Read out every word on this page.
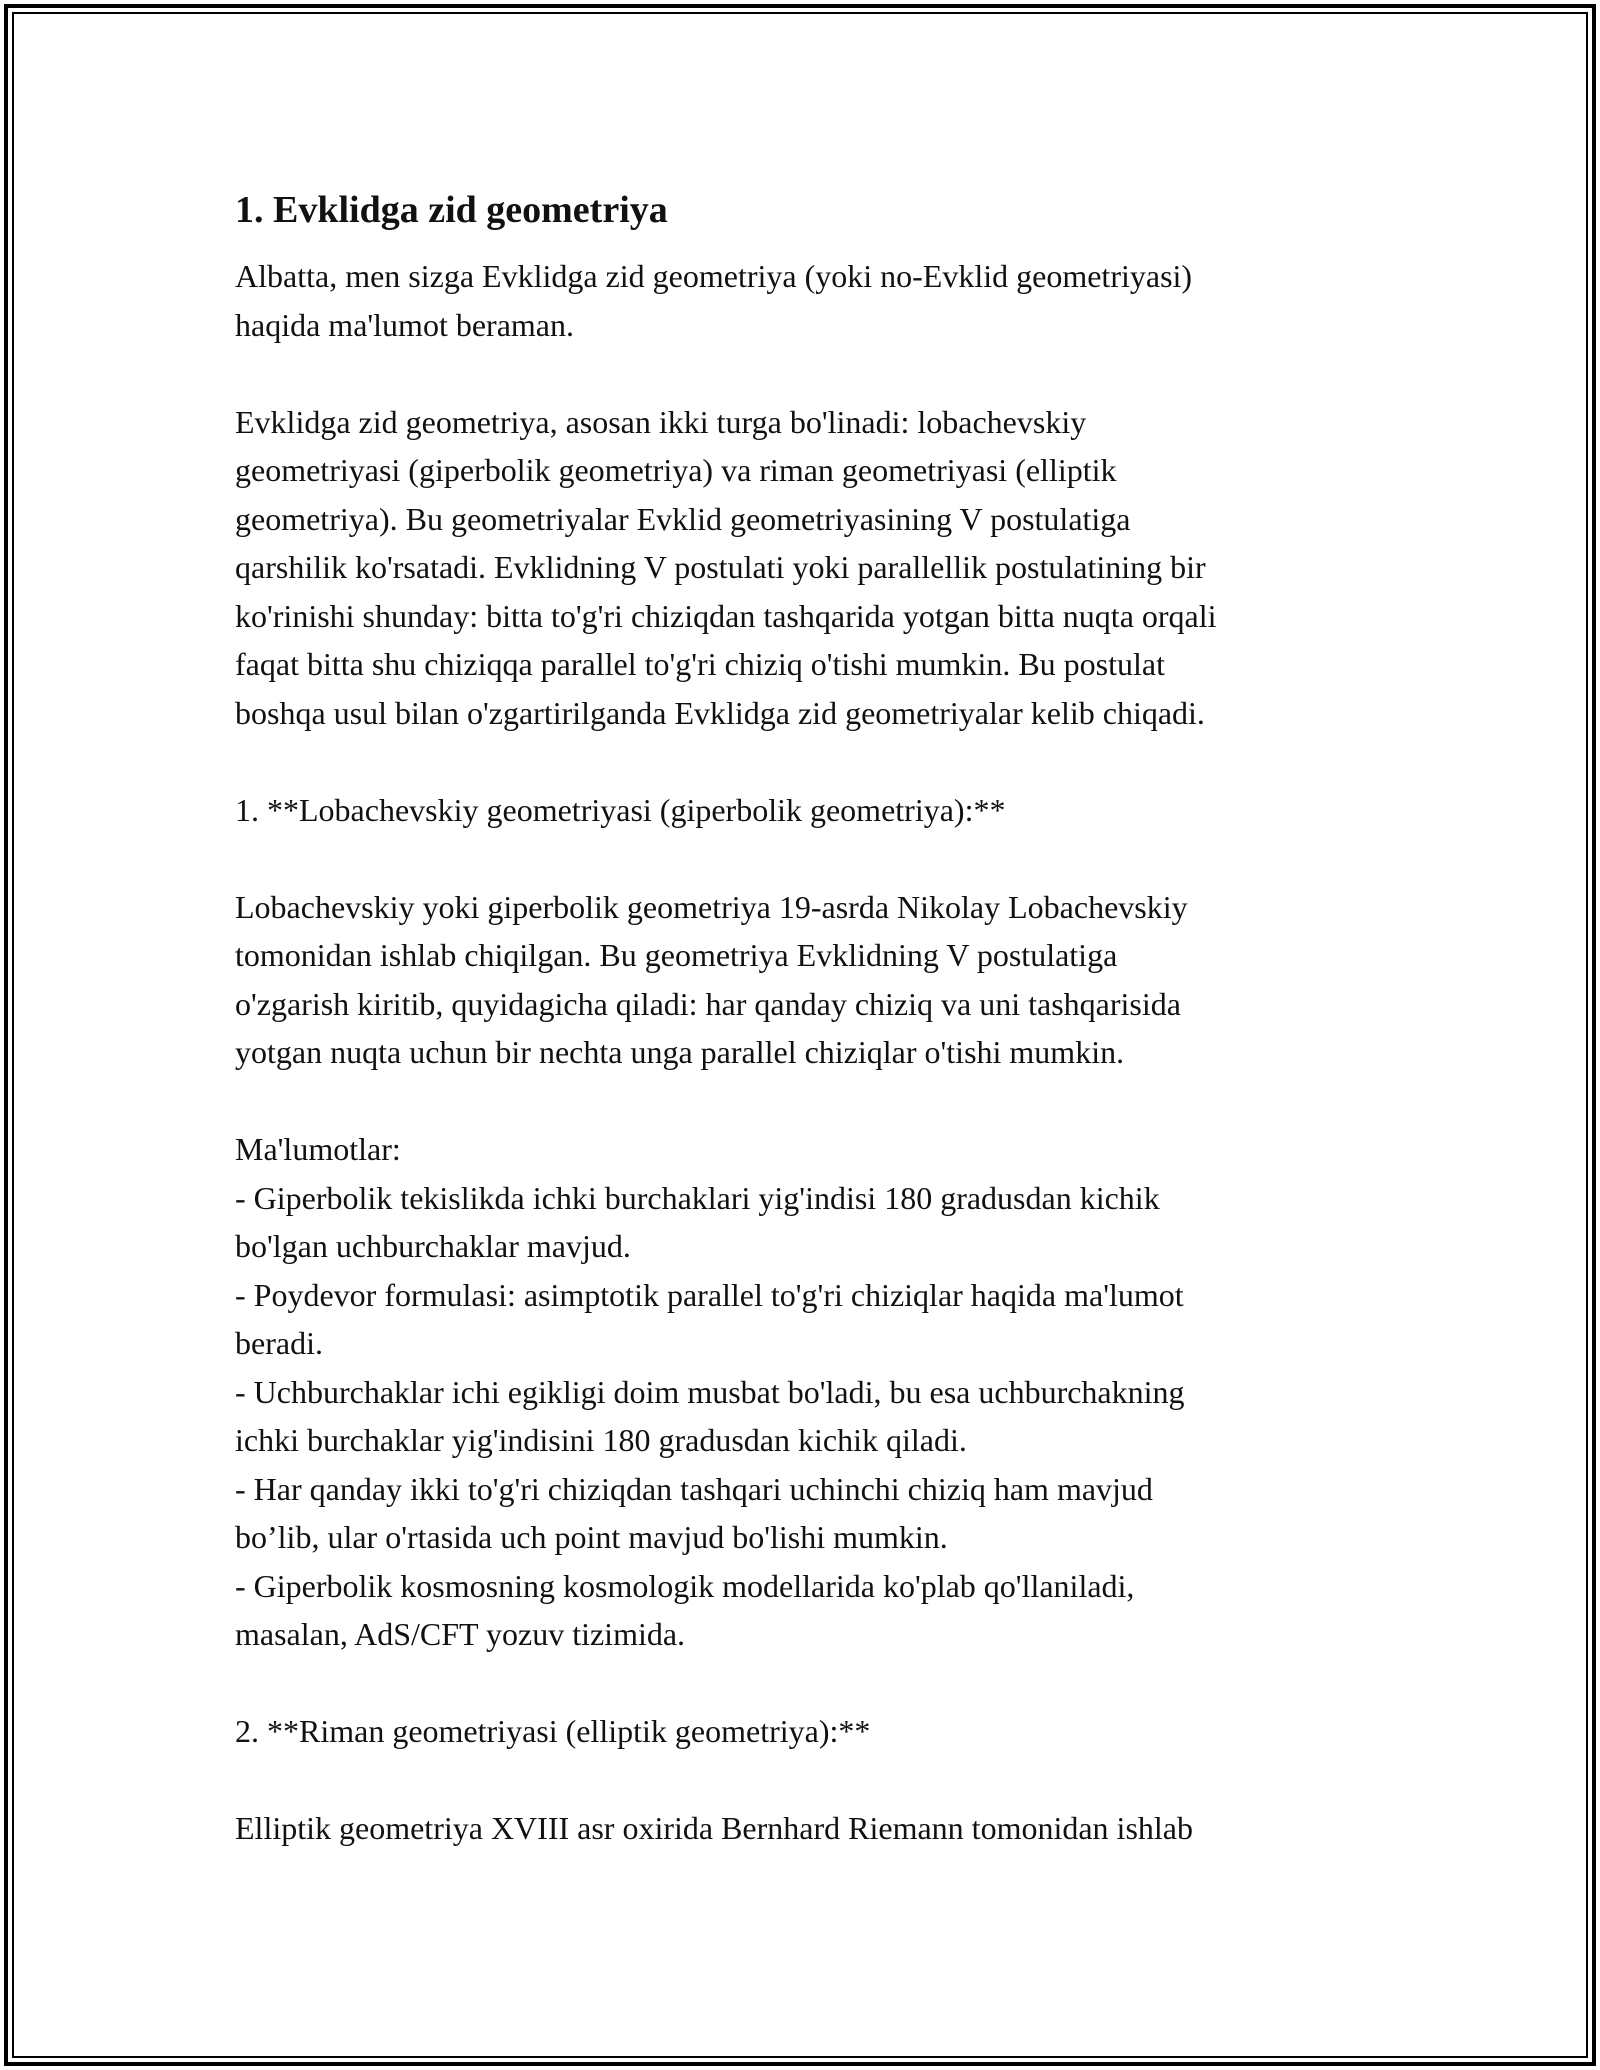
1. Evklidga zid geometriya

Albatta, men sizga Evklidga zid geometriya (yoki no-Evklid geometriyasi)
haqida ma'lumot beraman.

Evklidga zid geometriya, asosan ikki turga bo'linadi: lobachevskiy
geometriyasi (giperbolik geometriya) va riman geometriyasi (elliptik
geometriya). Bu geometriyalar Evklid geometriyasining V postulatiga
qarshilik ko'rsatadi. Evklidning V postulati yoki parallellik postulatining bir
ko'rinishi shunday: bitta to'g'ri chiziqdan tashqarida yotgan bitta nuqta orqali
faqat bitta shu chiziqqa parallel to'g'ri chiziq o'tishi mumkin. Bu postulat
boshqa usul bilan o'zgartirilganda Evklidga zid geometriyalar kelib chiqadi.

1. **Lobachevskiy geometriyasi (giperbolik geometriya):**

Lobachevskiy yoki giperbolik geometriya 19-asrda Nikolay Lobachevskiy
tomonidan ishlab chiqilgan. Bu geometriya Evklidning V postulatiga
o'zgarish kiritib, quyidagicha qiladi: har qanday chiziq va uni tashqarisida
yotgan nuqta uchun bir nechta unga parallel chiziqlar o'tishi mumkin.

Ma'lumotlar:

- Giperbolik tekislikda ichki burchaklari yig'indisi 180 gradusdan kichik
bo'lgan uchburchaklar mavjud.

- Poydevor formulasi: asimptotik parallel to'g'ri chiziqlar haqida ma'lumot
beradi.

- Uchburchaklar ichi egikligi doim musbat bo'ladi, bu esa uchburchakning
ichki burchaklar yig'indisini 180 gradusdan kichik qiladi.

- Har qanday ikki to'g'ri chiziqdan tashqari uchinchi chiziq ham mavjud
bo’lib, ular o'rtasida uch point mavjud bo'lishi mumkin.

- Giperbolik kosmosning kosmologik modellarida ko'plab qo'llaniladi,
masalan, AdS/CFT yozuv tizimida.

2. **Riman geometriyasi (elliptik geometriya):**

Elliptik geometriya XVIII asr oxirida Bernhard Riemann tomonidan ishlab
